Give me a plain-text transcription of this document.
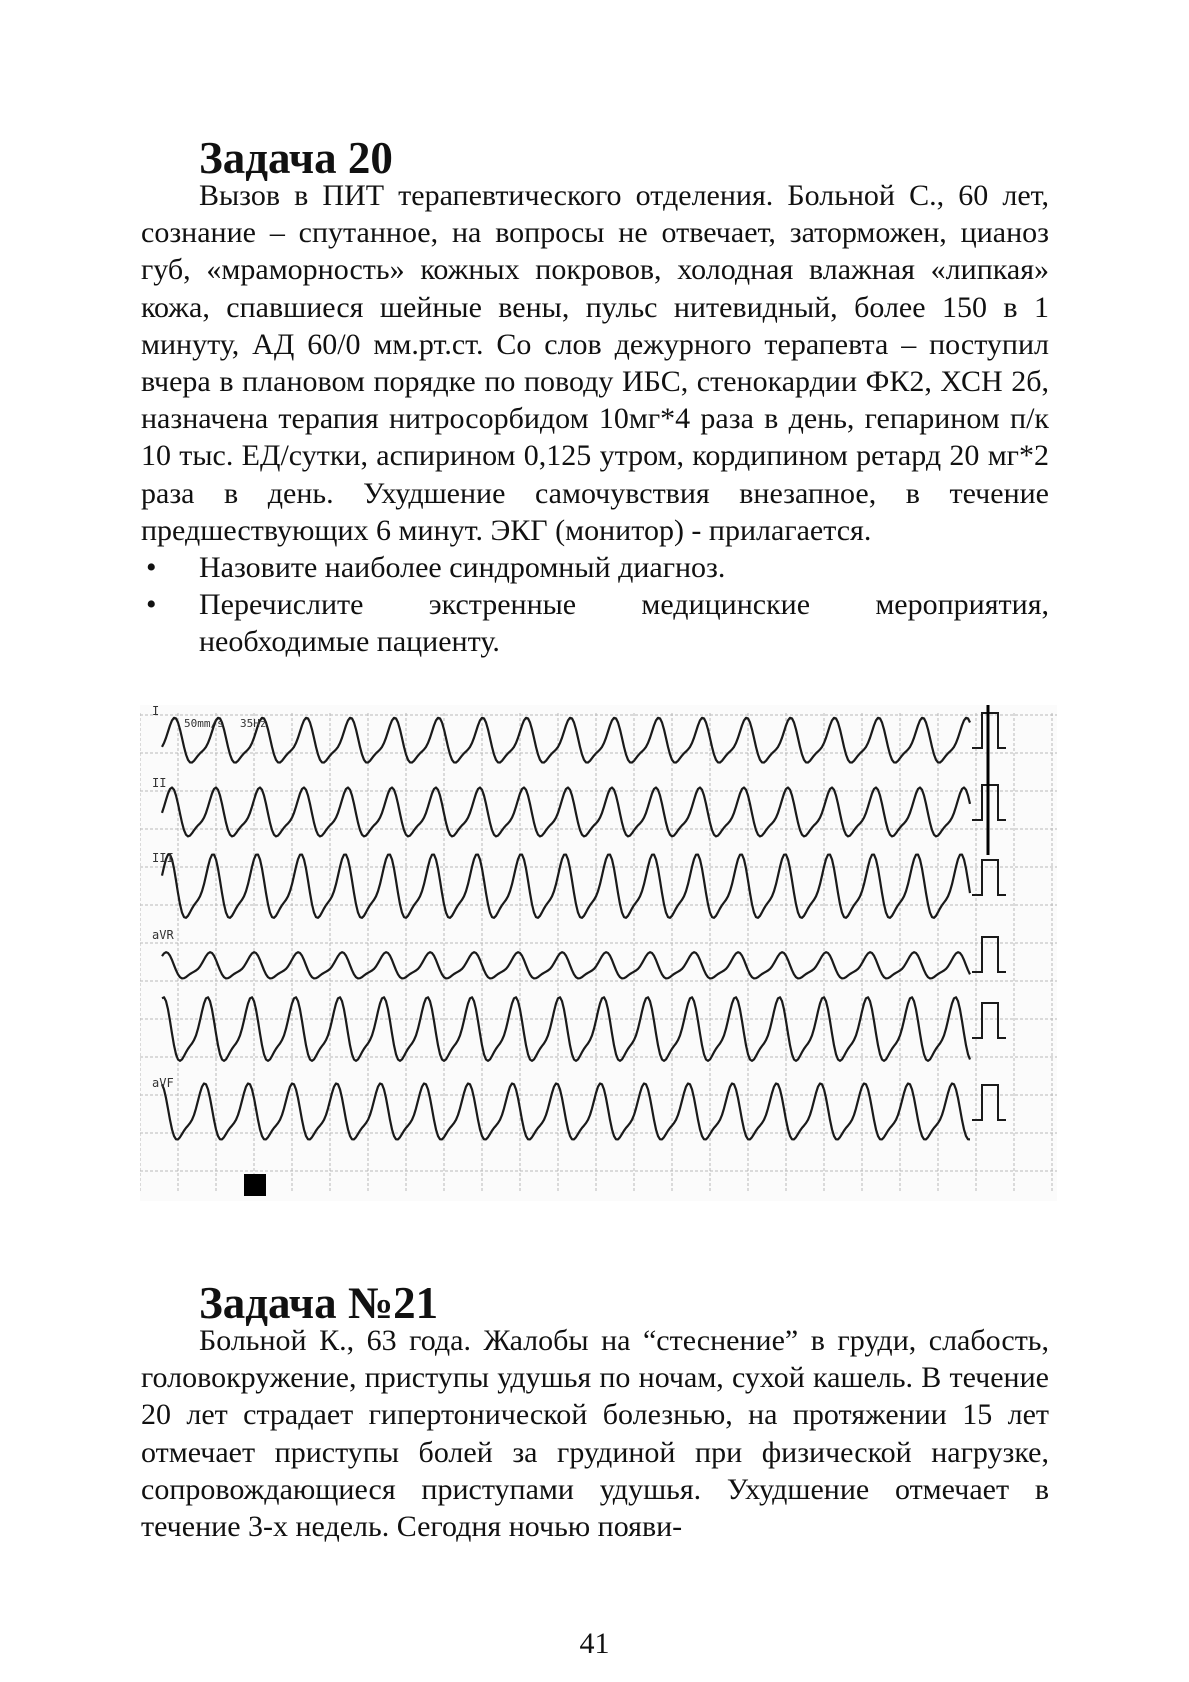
Задача 20

Вызов в ПИТ терапевтического отделения. Больной С., 60 лет, сознание – спутанное, на вопросы не отвечает, заторможен, цианоз губ, «мраморность» кожных покровов, холодная влажная «липкая» кожа, спавшиеся шейные вены, пульс нитевидный, более 150 в 1 минуту, АД 60/0 мм.рт.ст. Со слов дежурного терапевта – поступил вчера в плановом порядке по поводу ИБС, стенокардии ФК2, ХСН 2б, назначена терапия нитросорбидом 10мг*4 раза в день, гепарином п/к 10 тыс. ЕД/сутки, аспирином 0,125 утром, кордипином ретард 20 мг*2 раза в день. Ухудшение самочувствия внезапное, в течение предшествующих 6 минут. ЭКГ (монитор) - прилагается.

• Назовите наиболее синдромный диагноз.
• Перечислите экстренные медицинские мероприятия, необходимые пациенту.
I
II
III
aVR
aVF
50mm/s 35Hz
Задача №21

Больной К., 63 года. Жалобы на “стеснение” в груди, слабость, головокружение, приступы удушья по ночам, сухой кашель. В течение 20 лет страдает гипертонической болезнью, на протяжении 15 лет отмечает приступы болей за грудиной при физической нагрузке, сопровождающиеся приступами удушья. Ухудшение отмечает в течение 3-х недель. Сегодня ночью появи-

41
